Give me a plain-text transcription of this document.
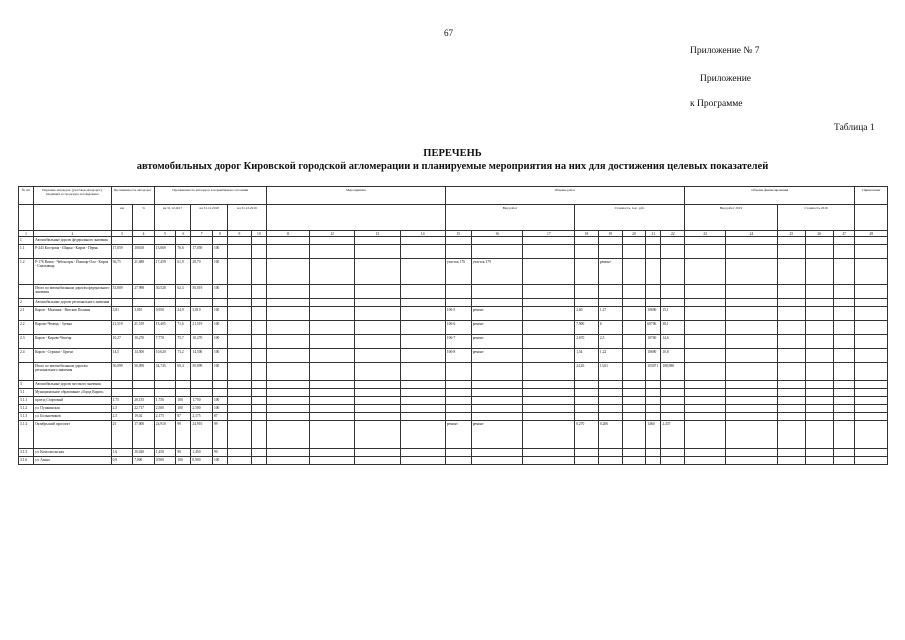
67
Приложение № 7
Приложение
к Программе
Таблица 1
ПЕРЕЧЕНЬ
автомобильных дорог Кировской городской агломерации и планируемые мероприятия на них для достижения целевых показателей
№ п/п	Перечень автодорог (участков автодорог), входящих в городскую агломерацию	Протяженность автодорог		Протяженность автодорог в нормативном состоянии						Мероприятия				Объемы работ								Объемы финансирования					Примечание
		км	%	на 31.12.2017		на 31.12.2018		на 31.12.2019						Вид работ			Стоимость, тыс. руб.					Вид работ 2019		Стоимость 2019			
1	2	3	4	5	6	7	8	9	10	11	12	13	14	15	16	17	18	19	20	21	22	23	24	25	26	27	28
1	Автомобильные дороги федерального значения																										
1.1	Р-243 Кострома - Шарья - Киров - Пермь	17,059	100,00	13,069	76,6	17,059	100																				
1.2	Р-176 Вятка - Чебоксары - Йошкар-Ола - Киров - Сыктывкар	36,75	21,688	17,459	61,9	28,70	100							участок 176	участок 179			ремонт									
	Итого по автомобильным дорогам федерального значения	53,809	27,998	30,528	62,3	50,019	100																				
2	Автомобильные дороги регионального значения																										
2.1	Киров - Малмыж - Вятские Поляны	3,81	3,810	0,950	24,9	3,810	100							106-5	ремонт		2,60	1,27		10690	15,1						
2.2	Кирово-Чепецк - Зуевка	21,519	21,519	15,405	71,6	21,519	100							106-6	ремонт		7,900	6		69706	38,1						
2.3	Киров - Кирово-Чепецк	10,27	10,270	7,770	75,7	10,270	100							106-7	ремонт		2,670	2,5		10760	14,6						
2.4	Киров - Стрижи - Оричи	14,5	14,500	10,620	73,2	14,500	100							106-8	ремонт		1,54	1,22		10690	10,8						
	Итого по автомобильным дорогам регионального значения	50,099	50,099	34,745	69,4	50,099	100										24,26	13,61		103071	108,980						
3	Автомобильные дороги местного значения																										
3.1	Муниципальное образование «Город Киров»																										
3.1.1	проезд Стартовый	1,75	20,155	1,750	100	1,750	100																				
3.1.2	ул. Пушкинская	2,5	22,717	2,500	100	2,500	100																				
3.1.3	ул. Большевиков	2,5	19,02	2,175	87	2,175	87																				
3.1.4	Октябрьский проспект	25	17,000	24,910	99	24,910	99							ремонт	ремонт		0,270	0,206		1460	2,437						
3.1.5	ул. Комсомольская	1,6	10,020	1,450	90	1,450	90																				
3.1.6	ул. Азина	0,9	7,000	0,900	100	0,900	100																				
